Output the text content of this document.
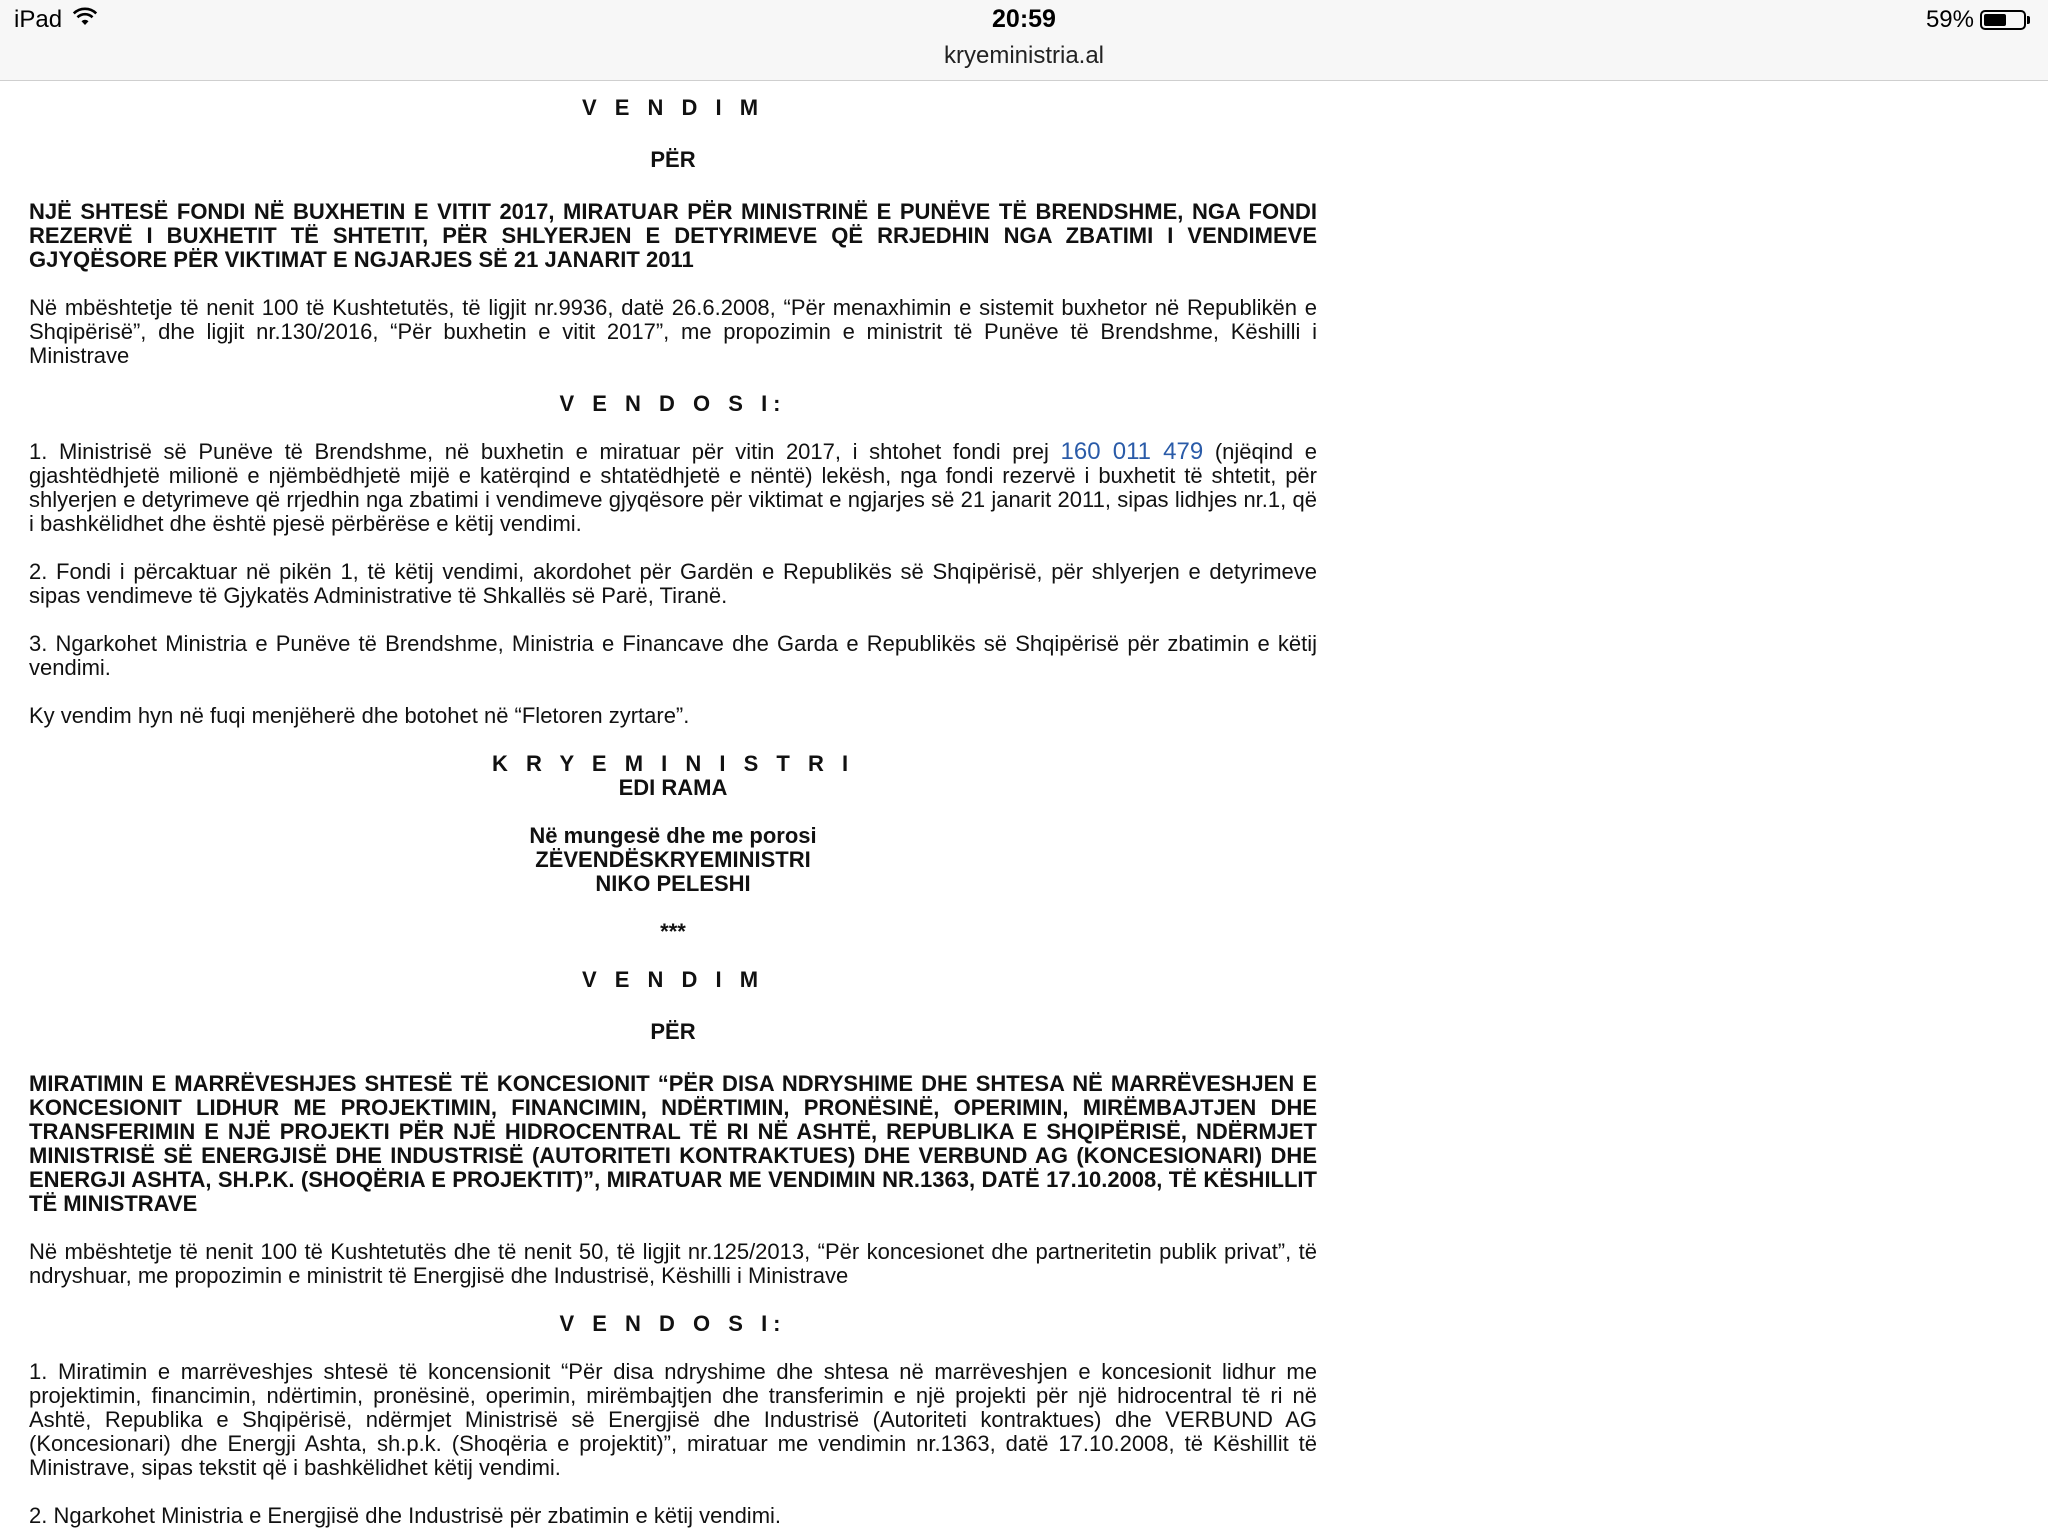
iPad	20:59	59%
kryeministria.al

V E N D I M

PËR

NJË SHTESË FONDI NË BUXHETIN E VITIT 2017, MIRATUAR PËR MINISTRINË E PUNËVE TË BRENDSHME, NGA FONDI REZERVË I BUXHETIT TË SHTETIT, PËR SHLYERJEN E DETYRIMEVE QË RRJEDHIN NGA ZBATIMI I VENDIMEVE GJYQËSORE PËR VIKTIMAT E NGJARJES SË 21 JANARIT 2011

Në mbështetje të nenit 100 të Kushtetutës, të ligjit nr.9936, datë 26.6.2008, “Për menaxhimin e sistemit buxhetor në Republikën e Shqipërisë”, dhe ligjit nr.130/2016, “Për buxhetin e vitit 2017”, me propozimin e ministrit të Punëve të Brendshme, Këshilli i Ministrave

V E N D O S I:

1. Ministrisë së Punëve të Brendshme, në buxhetin e miratuar për vitin 2017, i shtohet fondi prej 160 011 479 (njëqind e gjashtëdhjetë milionë e njëmbëdhjetë mijë e katërqind e shtatëdhjetë e nëntë) lekësh, nga fondi rezervë i buxhetit të shtetit, për shlyerjen e detyrimeve që rrjedhin nga zbatimi i vendimeve gjyqësore për viktimat e ngjarjes së 21 janarit 2011, sipas lidhjes nr.1, që i bashkëlidhet dhe është pjesë përbërëse e këtij vendimi.

2. Fondi i përcaktuar në pikën 1, të këtij vendimi, akordohet për Gardën e Republikës së Shqipërisë, për shlyerjen e detyrimeve sipas vendimeve të Gjykatës Administrative të Shkallës së Parë, Tiranë.

3. Ngarkohet Ministria e Punëve të Brendshme, Ministria e Financave dhe Garda e Republikës së Shqipërisë për zbatimin e këtij vendimi.

Ky vendim hyn në fuqi menjëherë dhe botohet në “Fletoren zyrtare”.

K R Y E M I N I S T R I

EDI RAMA

Në mungesë dhe me porosi

ZËVENDËSKRYEMINISTRI

NIKO PELESHI

***

V E N D I M

PËR

MIRATIMIN E MARRËVESHJES SHTESË TË KONCESIONIT “PËR DISA NDRYSHIME DHE SHTESA NË MARRËVESHJEN E KONCESIONIT LIDHUR ME PROJEKTIMIN, FINANCIMIN, NDËRTIMIN, PRONËSINË, OPERIMIN, MIRËMBAJTJEN DHE TRANSFERIMIN E NJË PROJEKTI PËR NJË HIDROCENTRAL TË RI NË ASHTË, REPUBLIKA E SHQIPËRISË, NDËRMJET MINISTRISË SË ENERGJISË DHE INDUSTRISË (AUTORITETI KONTRAKTUES) DHE VERBUND AG (KONCESIONARI) DHE ENERGJI ASHTA, SH.P.K. (SHOQËRIA E PROJEKTIT)”, MIRATUAR ME VENDIMIN NR.1363, DATË 17.10.2008, TË KËSHILLIT TË MINISTRAVE

Në mbështetje të nenit 100 të Kushtetutës dhe të nenit 50, të ligjit nr.125/2013, “Për koncesionet dhe partneritetin publik privat”, të ndryshuar, me propozimin e ministrit të Energjisë dhe Industrisë, Këshilli i Ministrave

V E N D O S I:

1. Miratimin e marrëveshjes shtesë të koncensionit “Për disa ndryshime dhe shtesa në marrëveshjen e koncesionit lidhur me projektimin, financimin, ndërtimin, pronësinë, operimin, mirëmbajtjen dhe transferimin e një projekti për një hidrocentral të ri në Ashtë, Republika e Shqipërisë, ndërmjet Ministrisë së Energjisë dhe Industrisë (Autoriteti kontraktues) dhe VERBUND AG (Koncesionari) dhe Energji Ashta, sh.p.k. (Shoqëria e projektit)”, miratuar me vendimin nr.1363, datë 17.10.2008, të Këshillit të Ministrave, sipas tekstit që i bashkëlidhet këtij vendimi.

2. Ngarkohet Ministria e Energjisë dhe Industrisë për zbatimin e këtij vendimi.
